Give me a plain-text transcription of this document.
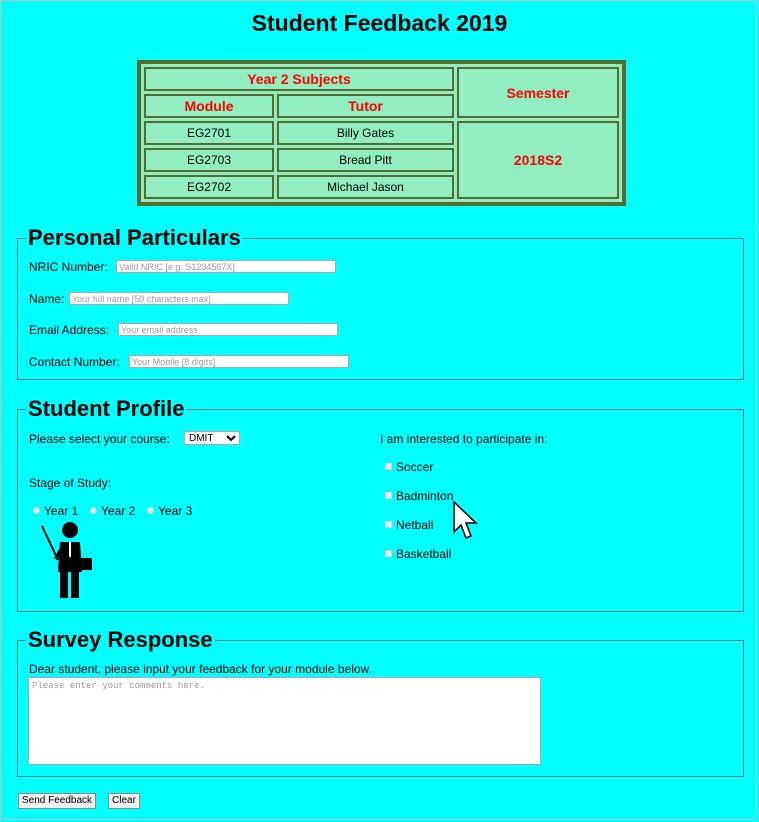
Student Feedback 2019
Year 2 Subjects		Semester
Module	Tutor	
EG2701	Billy Gates	2018S2
EG2703	Bread Pitt	
EG2702	Michael Jason	
Personal Particulars
NRIC Number:
Valid NRIC [e.g. S1234567X]
Name:
Your full name [50 characters max]
Email Address:
Your email address
Contact Number:
Your Mobile [8 digits]
Student Profile
Please select your course:
DMIT
Stage of Study:
Year 1 Year 2 Year 3
I am interested to participate in:
Soccer
Badminton
Netball
Basketball
Survey Response
Dear student, please input your feedback for your module below.
Please enter your comments here.
Send Feedback	Clear
